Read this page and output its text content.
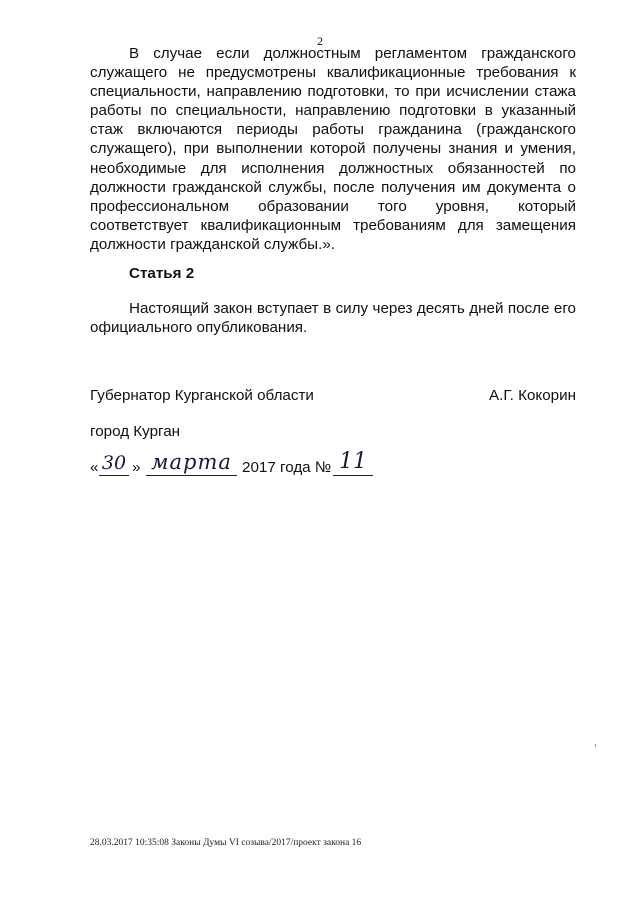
2

В случае если должностным регламентом гражданского служащего не предусмотрены квалификационные требования к специальности, направлению подготовки, то при исчислении стажа работы по специальности, направлению подготовки в указанный стаж включаются периоды работы гражданина (гражданского служащего), при выполнении которой получены знания и умения, необходимые для исполнения должностных обязанностей по должности гражданской службы, после получения им документа о профессиональном образовании того уровня, который соответствует квалификационным требованиям для замещения должности гражданской службы.».

Статья 2

Настоящий закон вступает в силу через десять дней после его официального опубликования.

Губернатор Курганской области	А.Г. Кокорин

город Курган

« 30 » марта 2017 года № 11

28.03.2017 10:35:08 Законы Думы VI созыва/2017/проект закона 16
